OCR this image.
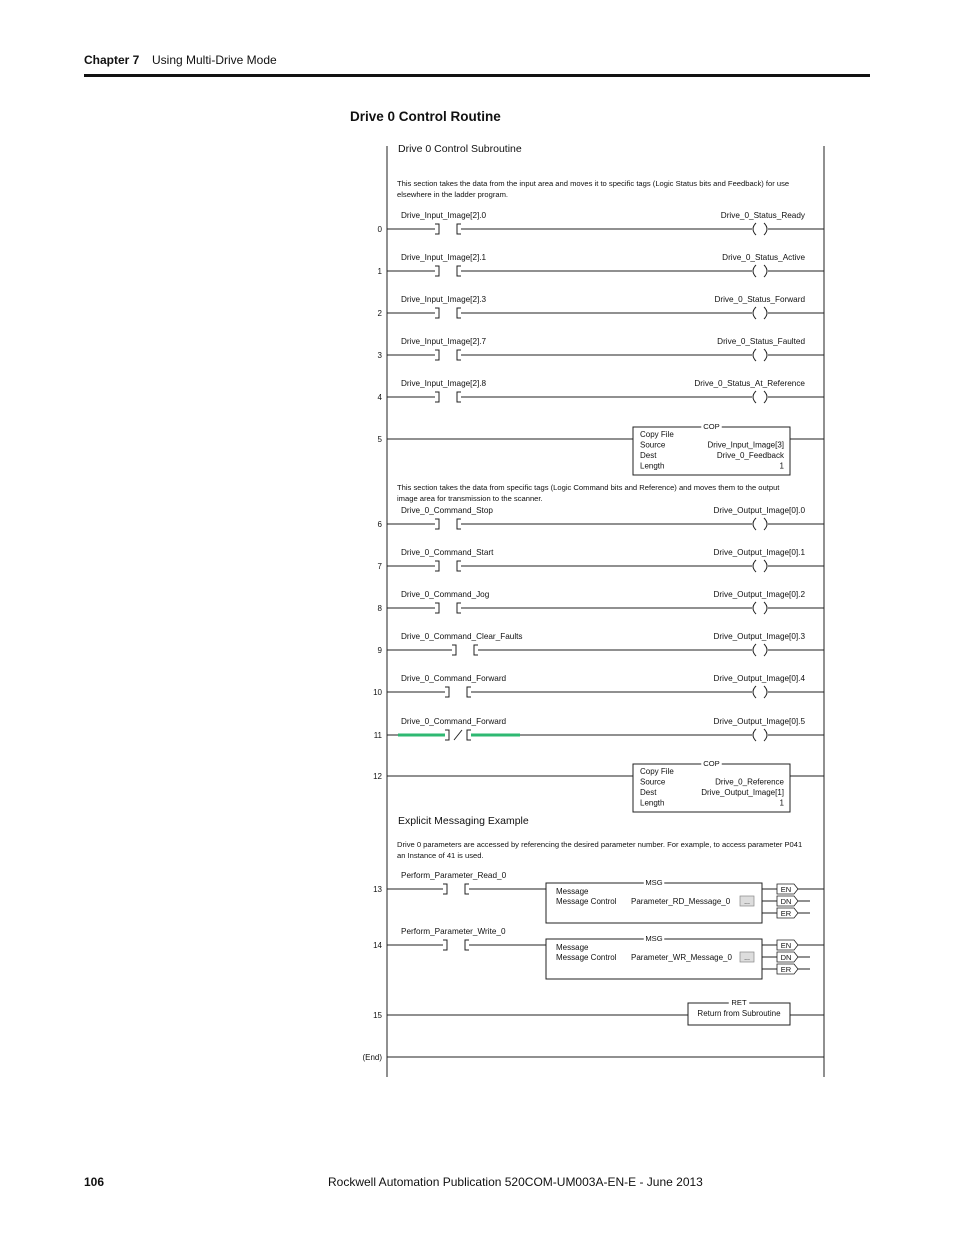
Chapter 7 Using Multi-Drive Mode
Drive 0 Control Routine
Drive 0 Control Subroutine
This section takes the data from the input area and moves it to specific tags (Logic Status bits and Feedback) for use
elsewhere in the ladder program.
This section takes the data from specific tags (Logic Command bits and Reference) and moves them to the output
image area for transmission to the scanner.
Explicit Messaging Example
Drive 0 parameters are accessed by referencing the desired parameter number. For example, to access parameter P041
an Instance of 41 is used.
0
Drive_Input_Image[2].0	Drive_0_Status_Ready
1
Drive_Input_Image[2].1	Drive_0_Status_Active
2
Drive_Input_Image[2].3	Drive_0_Status_Forward
3
Drive_Input_Image[2].7	Drive_0_Status_Faulted
4
Drive_Input_Image[2].8	Drive_0_Status_At_Reference
5
COP
Copy File
Source	Drive_Input_Image[3]
Dest	Drive_0_Feedback
Length	1
6
Drive_0_Command_Stop	Drive_Output_Image[0].0
7
Drive_0_Command_Start	Drive_Output_Image[0].1
8
Drive_0_Command_Jog	Drive_Output_Image[0].2
9
Drive_0_Command_Clear_Faults	Drive_Output_Image[0].3
10
Drive_0_Command_Forward	Drive_Output_Image[0].4
11
Drive_0_Command_Forward	Drive_Output_Image[0].5
12
COP
Copy File
Source	Drive_0_Reference
Dest	Drive_Output_Image[1]
Length	1
13
Perform_Parameter_Read_0
MSG
Message
Message Control Parameter_RD_Message_0 ...
EN
DN
ER
14
Perform_Parameter_Write_0
MSG
Message
Message Control Parameter_WR_Message_0 ...
EN
DN
ER
15
RET
Return from Subroutine
(End)
106	Rockwell Automation Publication 520COM-UM003A-EN-E - June 2013
